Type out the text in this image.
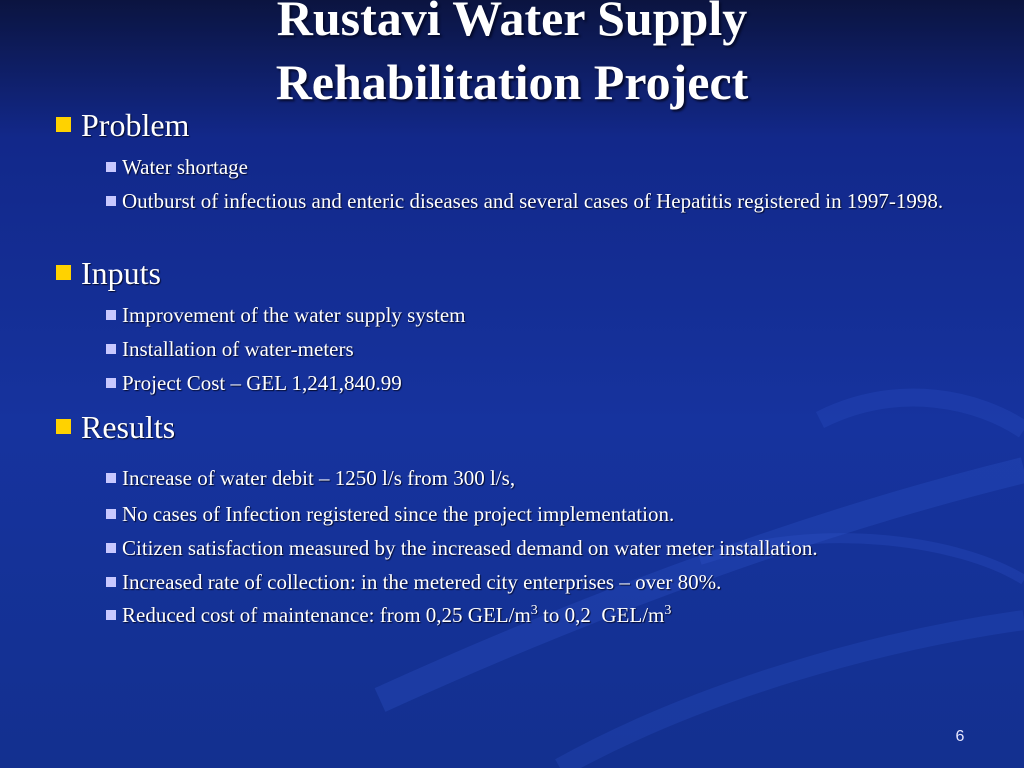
Rustavi Water Supply
Rehabilitation Project
Problem
Water shortage
Outburst of infectious and enteric diseases and several cases of Hepatitis registered in 1997-1998.
Inputs
Improvement of the water supply system
Installation of water-meters
Project Cost – GEL 1,241,840.99
Results
Increase of water debit – 1250 l/s from 300 l/s,
No cases of Infection registered since the project implementation.
Citizen satisfaction measured by the increased demand on water meter installation.
Increased rate of collection: in the metered city enterprises – over 80%.
Reduced cost of maintenance: from 0,25 GEL/$m^3$ to 0,2  GEL/$m^3$
6
